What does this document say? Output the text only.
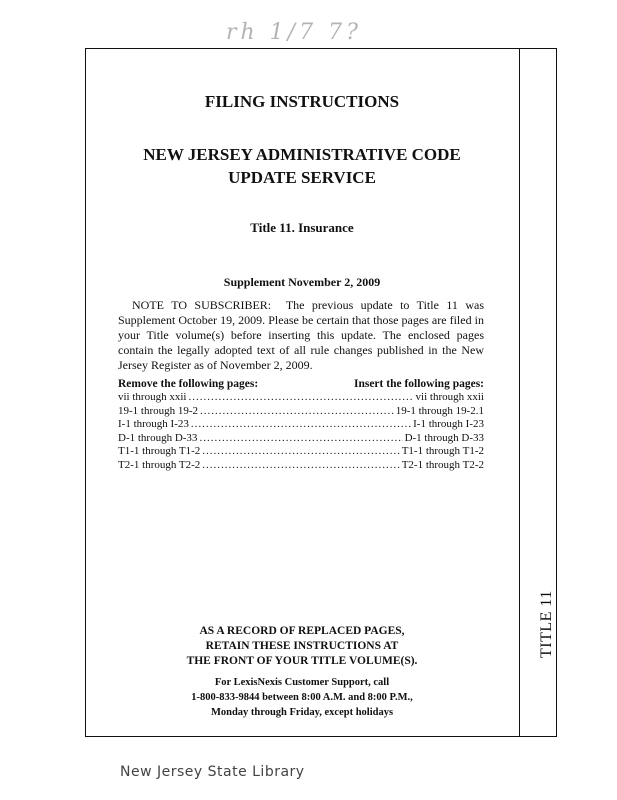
rh 1/7 7?
TITLE 11
FILING INSTRUCTIONS
NEW JERSEY ADMINISTRATIVE CODE
UPDATE SERVICE
Title 11. Insurance
Supplement November 2, 2009
NOTE TO SUBSCRIBER: The previous update to Title 11 was Supplement October 19, 2009. Please be certain that those pages are filed in your Title volume(s) before inserting this update. The enclosed pages contain the legally adopted text of all rule changes published in the New Jersey Register as of November 2, 2009.
Remove the following pages:	Insert the following pages:
vii through xxii .....	vii through xxii
19-1 through 19-2 .....	19-1 through 19-2.1
I-1 through I-23 .....	I-1 through I-23
D-1 through D-33 .....	D-1 through D-33
T1-1 through T1-2 .....	T1-1 through T1-2
T2-1 through T2-2 .....	T2-1 through T2-2
AS A RECORD OF REPLACED PAGES,
RETAIN THESE INSTRUCTIONS AT
THE FRONT OF YOUR TITLE VOLUME(S).
For LexisNexis Customer Support, call
1-800-833-9844 between 8:00 A.M. and 8:00 P.M.,
Monday through Friday, except holidays
New Jersey State Library
